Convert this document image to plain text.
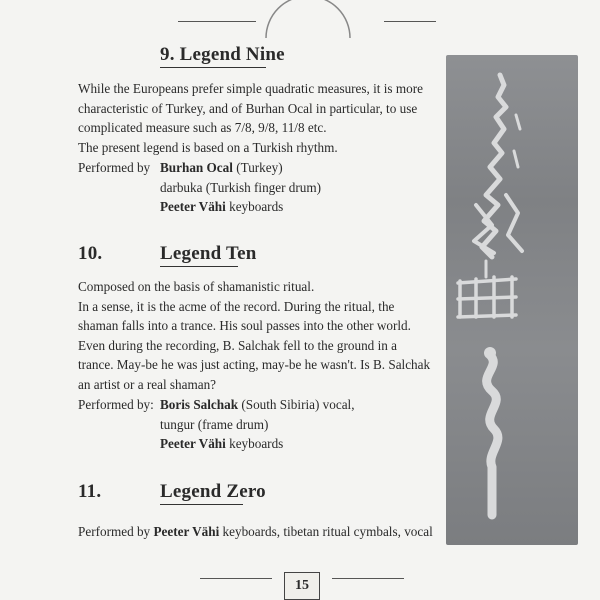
9. Legend Nine
While the Europeans prefer simple quadratic measures, it is more
characteristic of Turkey, and of Burhan Ocal in particular, to use
complicated measure such as 7/8, 9/8, 11/8 etc.
The present legend is based on a Turkish rhythm.
Performed by Burhan Ocal (Turkey)
darbuka (Turkish finger drum)
Peeter Vähi keyboards
10.	Legend Ten
Composed on the basis of shamanistic ritual.
In a sense, it is the acme of the record. During the ritual, the
shaman falls into a trance. His soul passes into the other world.
Even during the recording, B. Salchak fell to the ground in a
trance. May-be he was just acting, may-be he wasn't. Is B. Salchak
an artist or a real shaman?
Performed by: Boris Salchak (South Sibiria) vocal,
tungur (frame drum)
Peeter Vähi keyboards
11.	Legend Zero
Performed by Peeter Vähi keyboards, tibetan ritual cymbals, vocal
15
